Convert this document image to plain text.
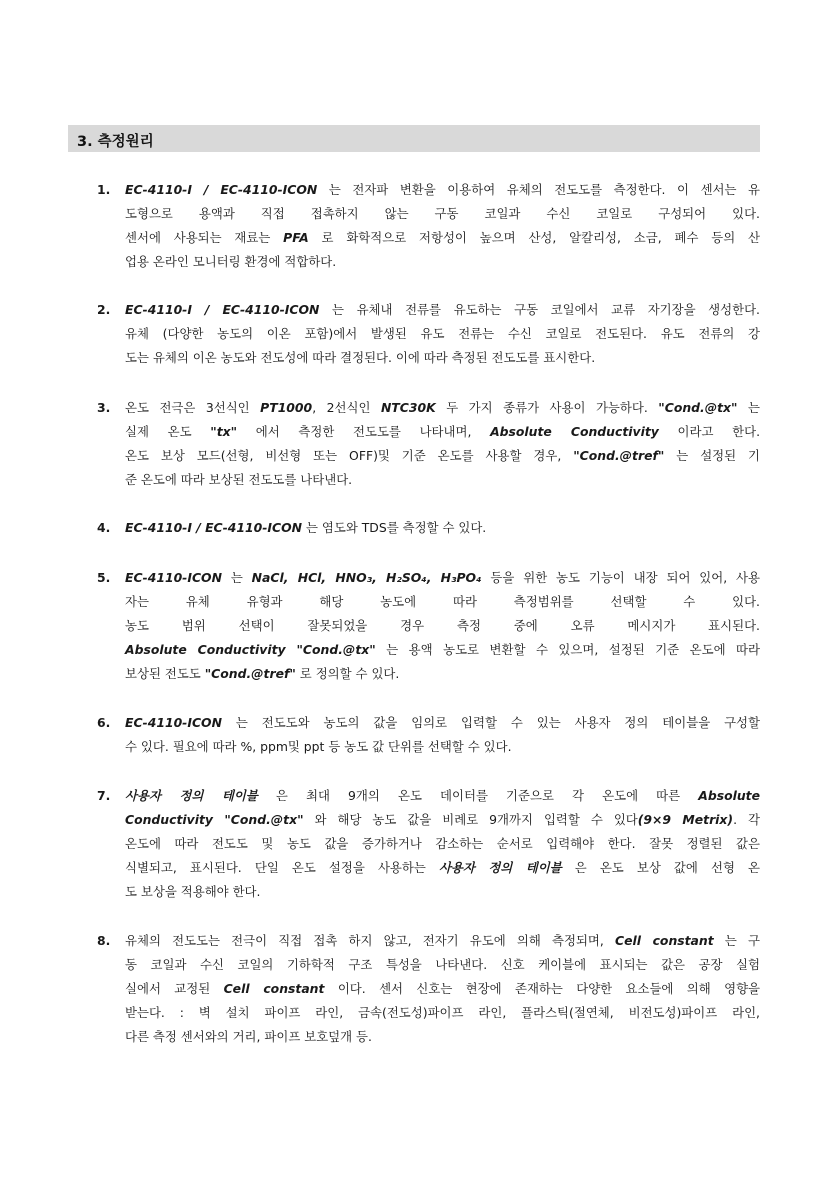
3. 측정원리
1. EC-4110-I / EC-4110-ICON 는 전자파 변환을 이용하여 유체의 전도도를 측정한다. 이 센서는 유
도형으로 용액과 직접 접촉하지 않는 구동 코일과 수신 코일로 구성되어 있다.
센서에 사용되는 재료는 PFA 로 화학적으로 저항성이 높으며 산성, 알칼리성, 소금, 폐수 등의 산
업용 온라인 모니터링 환경에 적합하다.
2. EC-4110-I / EC-4110-ICON 는 유체내 전류를 유도하는 구동 코일에서 교류 자기장을 생성한다.
유체 (다양한 농도의 이온 포함)에서 발생된 유도 전류는 수신 코일로 전도된다. 유도 전류의 강
도는 유체의 이온 농도와 전도성에 따라 결정된다. 이에 따라 측정된 전도도를 표시한다.
3. 온도 전극은 3선식인 PT1000, 2선식인 NTC30K 두 가지 종류가 사용이 가능하다. "Cond.@tx" 는
실제 온도 "tx" 에서 측정한 전도도를 나타내며, Absolute Conductivity 이라고 한다.
온도 보상 모드(선형, 비선형 또는 OFF)및 기준 온도를 사용할 경우, "Cond.@tref" 는 설정된 기
준 온도에 따라 보상된 전도도를 나타낸다.
4. EC-4110-I / EC-4110-ICON 는 염도와 TDS를 측정할 수 있다.
5. EC-4110-ICON 는 NaCl, HCl, HNO₃, H₂SO₄, H₃PO₄ 등을 위한 농도 기능이 내장 되어 있어, 사용
자는 유체 유형과 해당 농도에 따라 측정범위를 선택할 수 있다.
농도 범위 선택이 잘못되었을 경우 측정 중에 오류 메시지가 표시된다.
Absolute Conductivity "Cond.@tx" 는 용액 농도로 변환할 수 있으며, 설정된 기준 온도에 따라
보상된 전도도 "Cond.@tref" 로 정의할 수 있다.
6. EC-4110-ICON 는 전도도와 농도의 값을 임의로 입력할 수 있는 사용자 정의 테이블을 구성할
수 있다. 필요에 따라 %, ppm및 ppt 등 농도 값 단위를 선택할 수 있다.
7. 사용자 정의 테이블 은 최대 9개의 온도 데이터를 기준으로 각 온도에 따른 Absolute
Conductivity "Cond.@tx" 와 해당 농도 값을 비례로 9개까지 입력할 수 있다(9×9 Metrix). 각
온도에 따라 전도도 및 농도 값을 증가하거나 감소하는 순서로 입력해야 한다. 잘못 정렬된 값은
식별되고, 표시된다. 단일 온도 설정을 사용하는 사용자 정의 테이블 은 온도 보상 값에 선형 온
도 보상을 적용해야 한다.
8. 유체의 전도도는 전극이 직접 접촉 하지 않고, 전자기 유도에 의해 측정되며, Cell constant 는 구
동 코일과 수신 코일의 기하학적 구조 특성을 나타낸다. 신호 케이블에 표시되는 값은 공장 실험
실에서 교정된 Cell constant 이다. 센서 신호는 현장에 존재하는 다양한 요소들에 의해 영향을
받는다. : 벽 설치 파이프 라인, 금속(전도성)파이프 라인, 플라스틱(절연체, 비전도성)파이프 라인,
다른 측정 센서와의 거리, 파이프 보호덮개 등.
